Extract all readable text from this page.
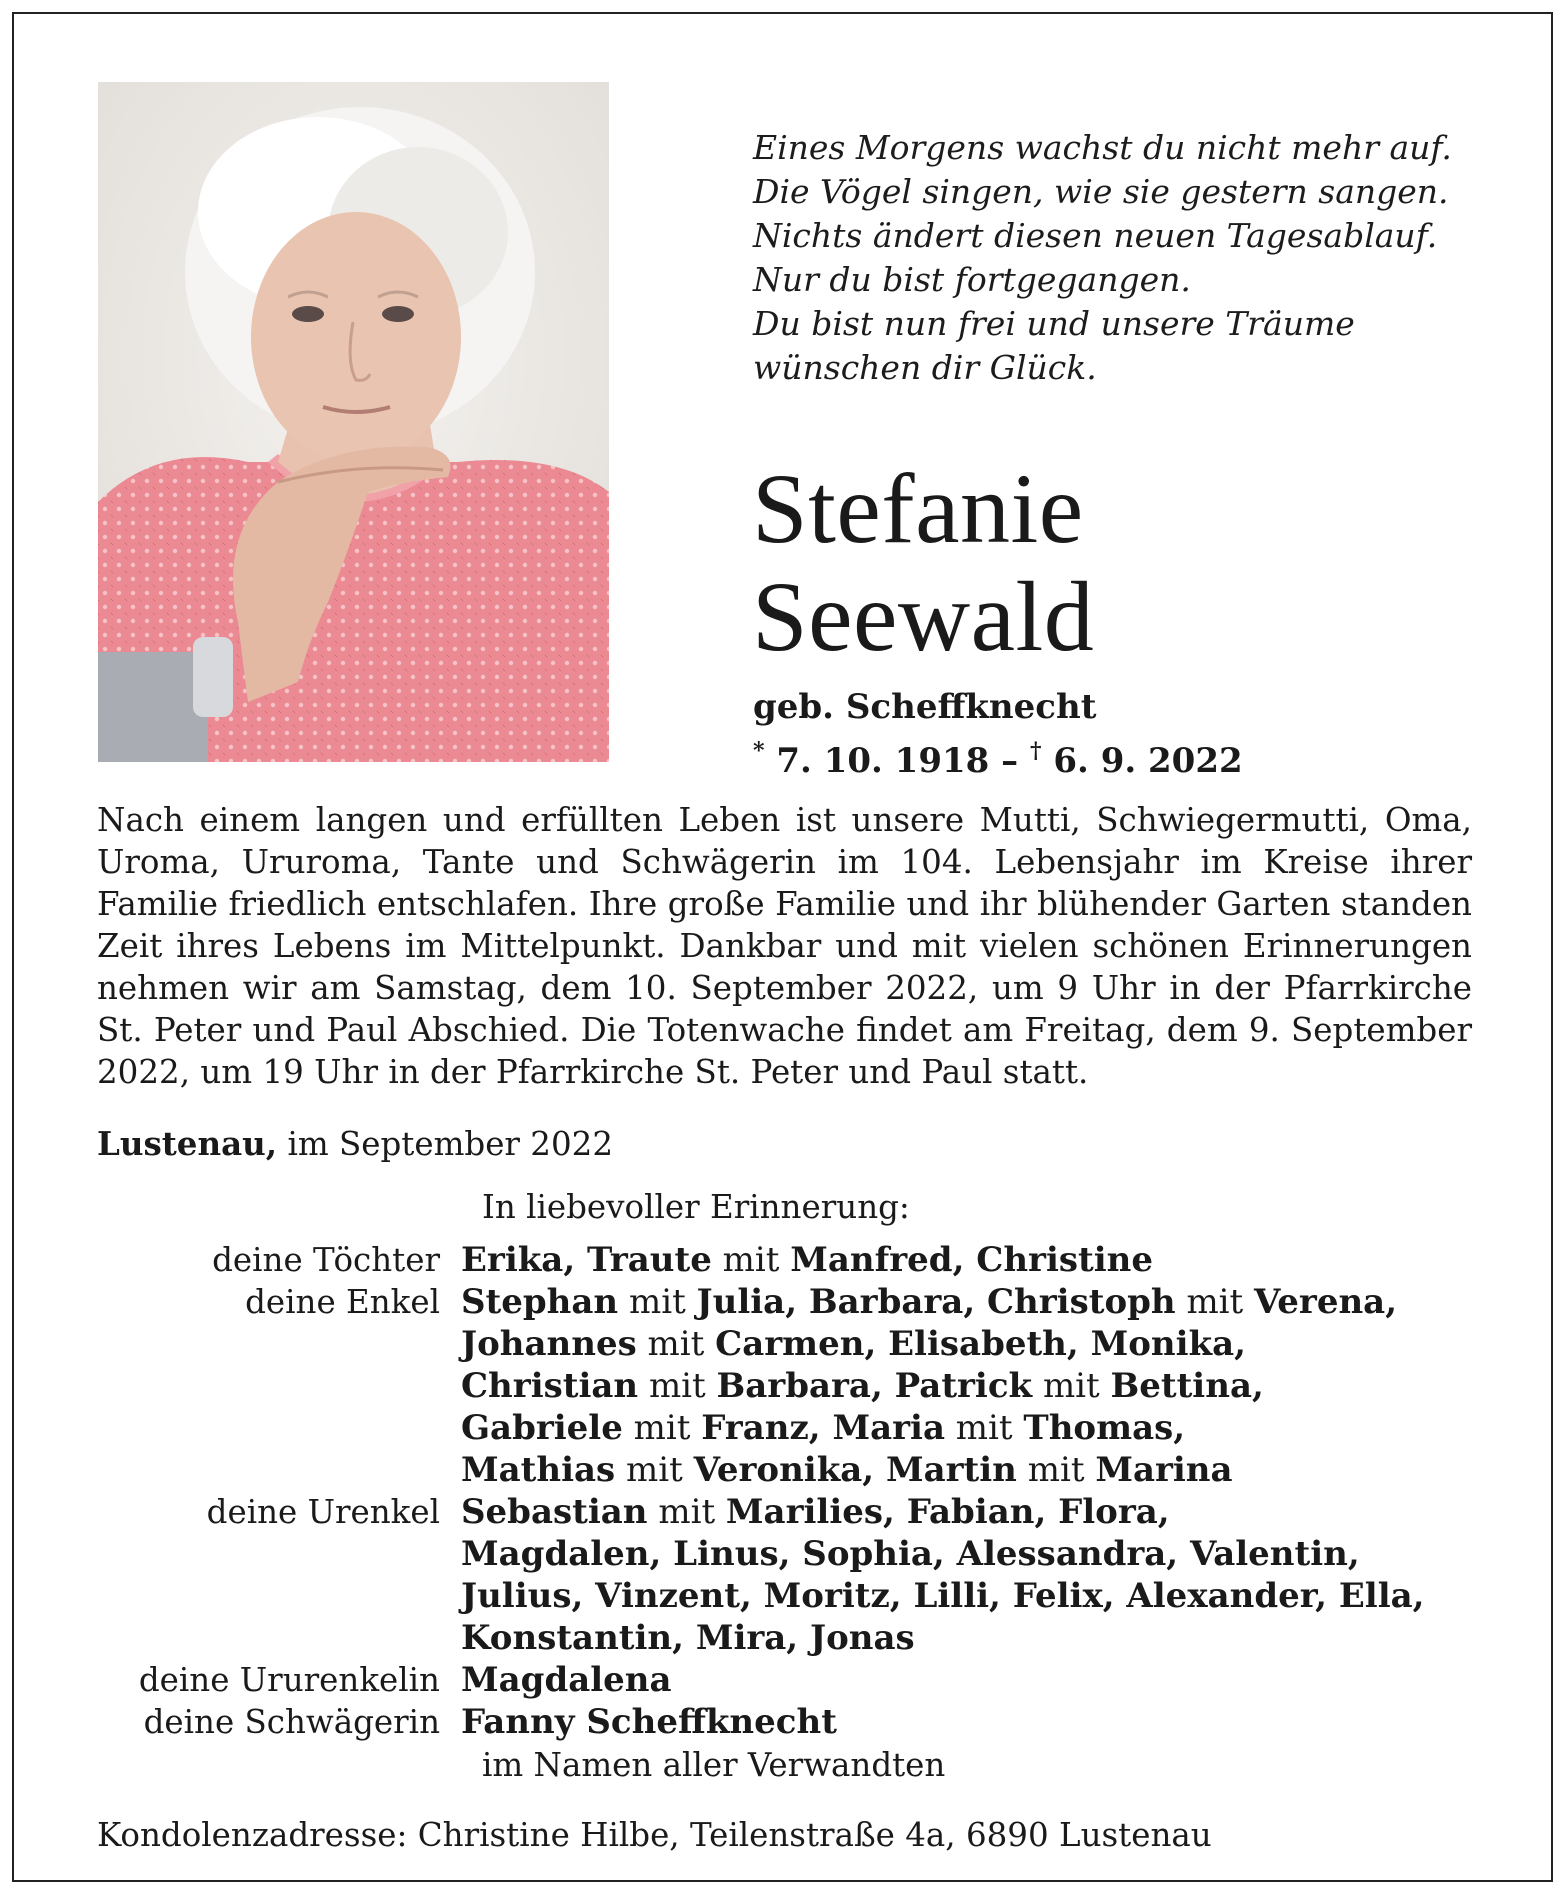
Eines Morgens wachst du nicht mehr auf.
Die Vögel singen, wie sie gestern sangen.
Nichts ändert diesen neuen Tagesablauf.
Nur du bist fortgegangen.
Du bist nun frei und unsere Träume
wünschen dir Glück.
Stefanie
Seewald
geb. Scheffknecht
* 7. 10. 1918 – † 6. 9. 2022

Nach einem langen und erfüllten Leben ist unsere Mutti, Schwiegermutti, Oma, Uroma, Ururoma, Tante und Schwägerin im 104. Lebensjahr im Kreise ihrer Familie friedlich entschlafen. Ihre große Familie und ihr blühender Garten standen Zeit ihres Lebens im Mittelpunkt. Dankbar und mit vielen schönen Erinnerungen nehmen wir am Samstag, dem 10. September 2022, um 9 Uhr in der Pfarrkirche St. Peter und Paul Abschied. Die Totenwache findet am Freitag, dem 9. September 2022, um 19 Uhr in der Pfarrkirche St. Peter und Paul statt.

Lustenau, im September 2022
In liebevoller Erinnerung:
deine Töchter Erika, Traute mit Manfred, Christine
deine Enkel Stephan mit Julia, Barbara, Christoph mit Verena,
Johannes mit Carmen, Elisabeth, Monika,
Christian mit Barbara, Patrick mit Bettina,
Gabriele mit Franz, Maria mit Thomas,
Mathias mit Veronika, Martin mit Marina
deine Urenkel Sebastian mit Marilies, Fabian, Flora,
Magdalen, Linus, Sophia, Alessandra, Valentin,
Julius, Vinzent, Moritz, Lilli, Felix, Alexander, Ella,
Konstantin, Mira, Jonas
deine Ururenkelin Magdalena
deine Schwägerin Fanny Scheffknecht
im Namen aller Verwandten
Kondolenzadresse: Christine Hilbe, Teilenstraße 4a, 6890 Lustenau
